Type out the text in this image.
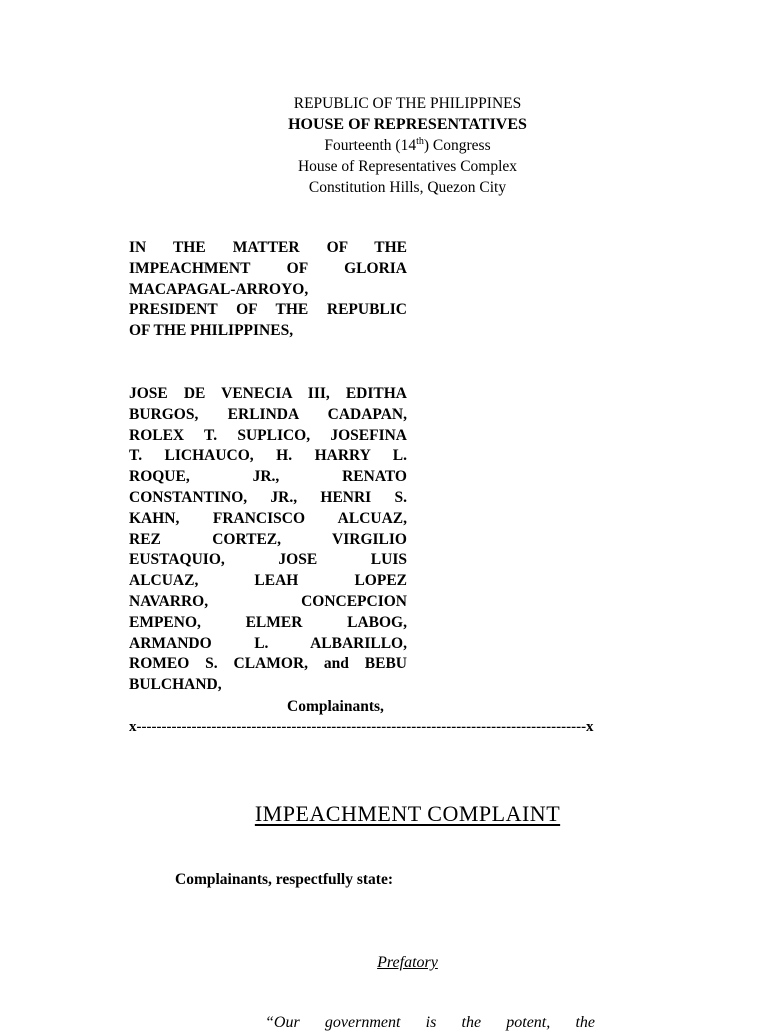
REPUBLIC OF THE PHILIPPINES
HOUSE OF REPRESENTATIVES
Fourteenth (14th) Congress
House of Representatives Complex
Constitution Hills, Quezon City
IN THE MATTER OF THE
IMPEACHMENT OF GLORIA
MACAPAGAL-ARROYO,
PRESIDENT OF THE REPUBLIC
OF THE PHILIPPINES,
JOSE DE VENECIA III, EDITHA
BURGOS, ERLINDA CADAPAN,
ROLEX T. SUPLICO, JOSEFINA
T. LICHAUCO, H. HARRY L.
ROQUE, JR., RENATO
CONSTANTINO, JR., HENRI S.
KAHN, FRANCISCO ALCUAZ,
REZ CORTEZ, VIRGILIO
EUSTAQUIO, JOSE LUIS
ALCUAZ, LEAH LOPEZ
NAVARRO, CONCEPCION
EMPENO, ELMER LABOG,
ARMANDO L. ALBARILLO,
ROMEO S. CLAMOR, and BEBU
BULCHAND,
Complainants,
x------------------------------------------------------------------------------------------x
IMPEACHMENT COMPLAINT
Complainants, respectfully state:
Prefatory
“Our government is the potent, the
